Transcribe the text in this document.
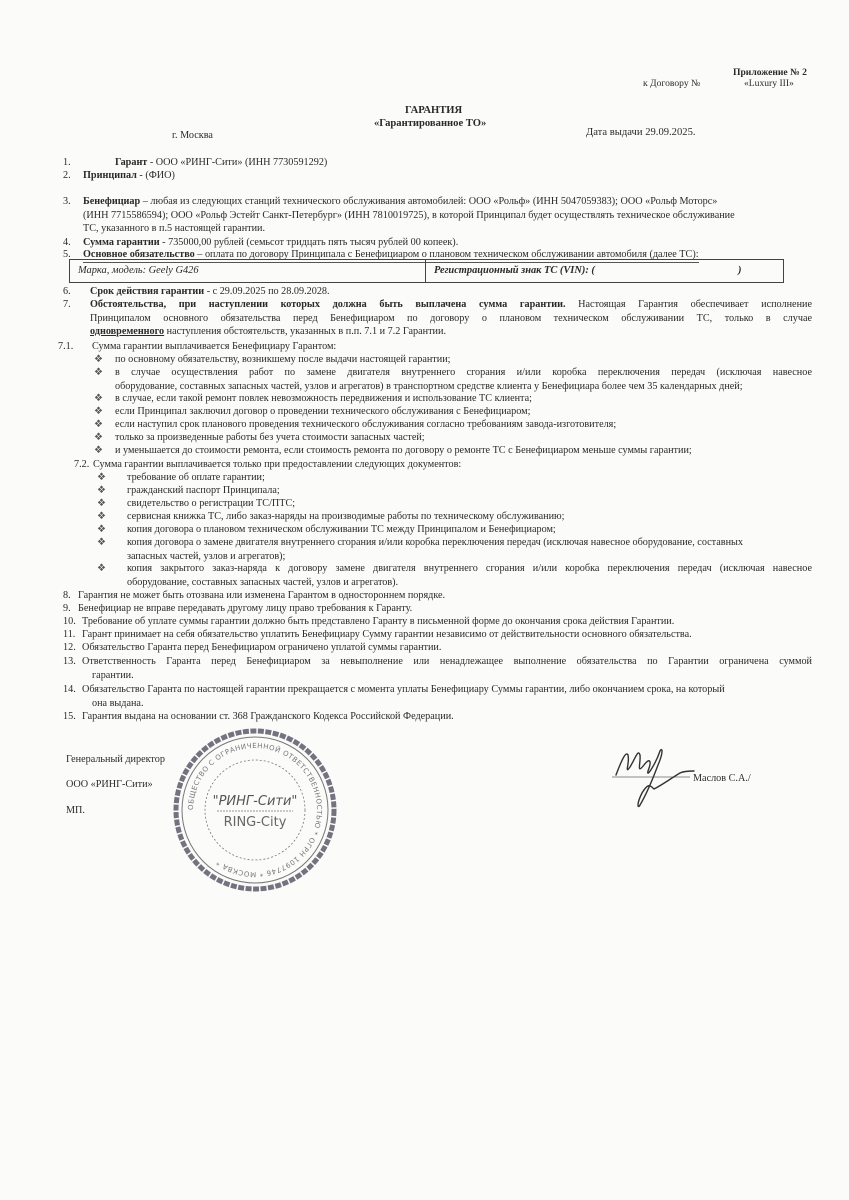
Приложение № 2
к Договору №	«Luxury III»
ГАРАНТИЯ
«Гарантированное ТО»
г. Москва	Дата выдачи 29.09.2025.
1.	Гарант - ООО «РИНГ-Сити» (ИНН 7730591292)
2. Принципал - (ФИО)
3. Бенефициар – любая из следующих станций технического обслуживания автомобилей: ООО «Рольф» (ИНН 5047059383); ООО «Рольф Моторс»
(ИНН 7715586594); ООО «Рольф Эстейт Санкт-Петербург» (ИНН 7810019725), в которой Принципал будет осуществлять техническое обслуживание
ТС, указанного в п.5 настоящей гарантии.
4. Сумма гарантии - 735000,00 рублей (семьсот тридцать пять тысяч рублей 00 копеек).
5. Основное обязательство – оплата по договору Принципала с Бенефициаром о плановом техническом обслуживании автомобиля (далее ТС):
Марка, модель: Geely G426	Регистрационный знак ТС (VIN): (	)
6. Срок действия гарантии - с 29.09.2025 по 28.09.2028.
7. Обстоятельства, при наступлении которых должна быть выплачена сумма гарантии. Настоящая Гарантия обеспечивает исполнение
Принципалом основного обязательства перед Бенефициаром по договору о плановом техническом обслуживании ТС, только в случае
одновременного наступления обстоятельств, указанных в п.п. 7.1 и 7.2 Гарантии.
7.1. Сумма гарантии выплачивается Бенефициару Гарантом:
❖ по основному обязательству, возникшему после выдачи настоящей гарантии;
❖ в случае осуществления работ по замене двигателя внутреннего сгорания и/или коробка переключения передач (исключая навесное
оборудование, составных запасных частей, узлов и агрегатов) в транспортном средстве клиента у Бенефициара более чем 35 календарных дней;
❖ в случае, если такой ремонт повлек невозможность передвижения и использование ТС клиента;
❖ если Принципал заключил договор о проведении технического обслуживания с Бенефициаром;
❖ если наступил срок планового проведения технического обслуживания согласно требованиям завода-изготовителя;
❖ только за произведенные работы без учета стоимости запасных частей;
❖ и уменьшается до стоимости ремонта, если стоимость ремонта по договору о ремонте ТС с Бенефициаром меньше суммы гарантии;
7.2. Сумма гарантии выплачивается только при предоставлении следующих документов:
❖ требование об оплате гарантии;
❖ гражданский паспорт Принципала;
❖ свидетельство о регистрации ТС/ПТС;
❖ сервисная книжка ТС, либо заказ-наряды на производимые работы по техническому обслуживанию;
❖ копия договора о плановом техническом обслуживании ТС между Принципалом и Бенефициаром;
❖ копия договора о замене двигателя внутреннего сгорания и/или коробка переключения передач (исключая навесное оборудование, составных
запасных частей, узлов и агрегатов);
❖ копия закрытого заказ-наряда к договору замене двигателя внутреннего сгорания и/или коробка переключения передач (исключая навесное
оборудование, составных запасных частей, узлов и агрегатов).
8. Гарантия не может быть отозвана или изменена Гарантом в одностороннем порядке.
9. Бенефициар не вправе передавать другому лицу право требования к Гаранту.
10. Требование об уплате суммы гарантии должно быть представлено Гаранту в письменной форме до окончания срока действия Гарантии.
11. Гарант принимает на себя обязательство уплатить Бенефициару Сумму гарантии независимо от действительности основного обязательства.
12. Обязательство Гаранта перед Бенефициаром ограничено уплатой суммы гарантии.
13. Ответственность Гаранта перед Бенефициаром за невыполнение или ненадлежащее выполнение обязательства по Гарантии ограничена суммой
гарантии.
14. Обязательство Гаранта по настоящей гарантии прекращается с момента уплаты Бенефициару Суммы гарантии, либо окончанием срока, на который
она выдана.
15. Гарантия выдана на основании ст. 368 Гражданского Кодекса Российской Федерации.
Генеральный директор
ООО «РИНГ-Сити»
МП.	ОБЩЕСТВО С ОГРАНИЧЕННОЙ ОТВЕТСТВЕННОСТЬЮ * ОГРН 1097746 * МОСКВА *
"РИНГ-Сити"
RING-City
Маслов С.А./
